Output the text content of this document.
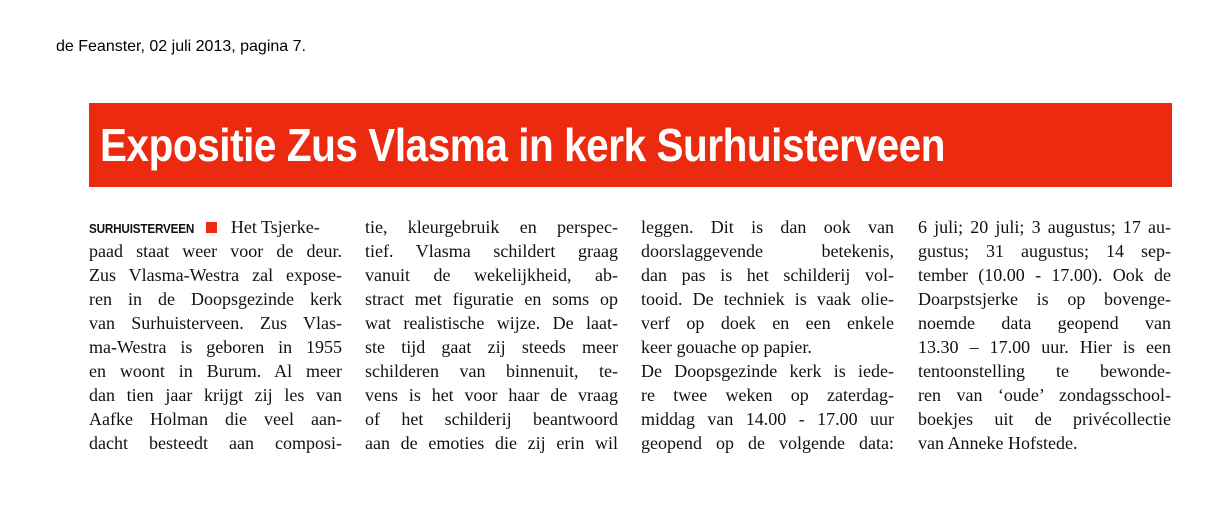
de Feanster, 02 juli 2013, pagina 7.
Expositie Zus Vlasma in kerk Surhuisterveen
SURHUISTERVEEN Het Tsjerke-
paad staat weer voor de deur.
Zus Vlasma-Westra zal expose-
ren in de Doopsgezinde kerk
van Surhuisterveen. Zus Vlas-
ma-Westra is geboren in 1955
en woont in Burum. Al meer
dan tien jaar krijgt zij les van
Aafke Holman die veel aan-
dacht besteedt aan composi-
tie, kleurgebruik en perspec-
tief. Vlasma schildert graag
vanuit de wekelijkheid, ab-
stract met figuratie en soms op
wat realistische wijze. De laat-
ste tijd gaat zij steeds meer
schilderen van binnenuit, te-
vens is het voor haar de vraag
of het schilderij beantwoord
aan de emoties die zij erin wil
leggen. Dit is dan ook van
doorslaggevende betekenis,
dan pas is het schilderij vol-
tooid. De techniek is vaak olie-
verf op doek en een enkele
keer gouache op papier.
De Doopsgezinde kerk is iede-
re twee weken op zaterdag-
middag van 14.00 - 17.00 uur
geopend op de volgende data:
6 juli; 20 juli; 3 augustus; 17 au-
gustus; 31 augustus; 14 sep-
tember (10.00 - 17.00). Ook de
Doarpstsjerke is op bovenge-
noemde data geopend van
13.30 – 17.00 uur. Hier is een
tentoonstelling te bewonde-
ren van ‘oude’ zondagsschool-
boekjes uit de privécollectie
van Anneke Hofstede.
